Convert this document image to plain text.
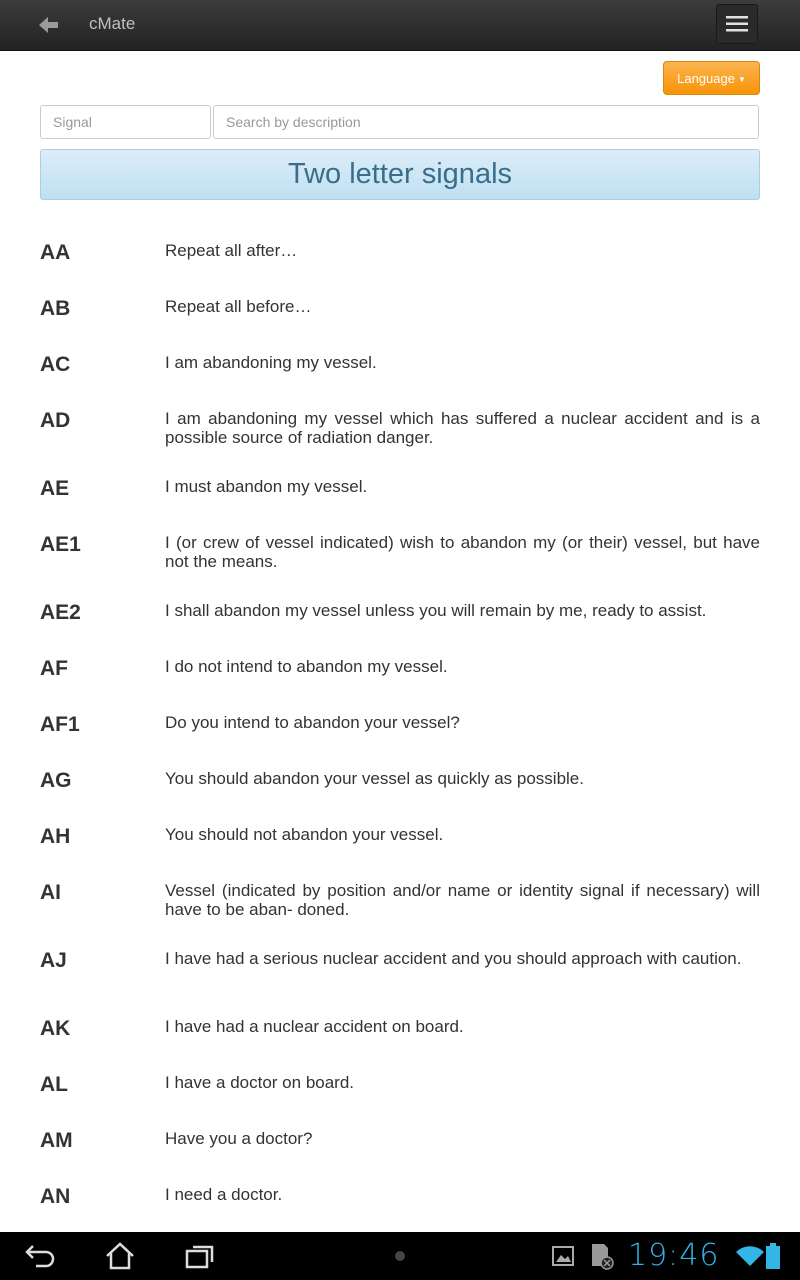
cMate
Language ▼
Signal
Search by description
Two letter signals
AA	Repeat all after…
AB	Repeat all before…
AC	I am abandoning my vessel.
AD	I am abandoning my vessel which has suffered a nuclear accident and is a possible source of radiation danger.
AE	I must abandon my vessel.
AE1	I (or crew of vessel indicated) wish to abandon my (or their) vessel, but have not the means.
AE2	I shall abandon my vessel unless you will remain by me, ready to assist.
AF	I do not intend to abandon my vessel.
AF1	Do you intend to abandon your vessel?
AG	You should abandon your vessel as quickly as possible.
AH	You should not abandon your vessel.
AI	Vessel (indicated by position and/or name or identity signal if necessary) will have to be aban- doned.
AJ	I have had a serious nuclear accident and you should approach with caution.
AK	I have had a nuclear accident on board.
AL	I have a doctor on board.
AM	Have you a doctor?
AN	I need a doctor.
19:46
